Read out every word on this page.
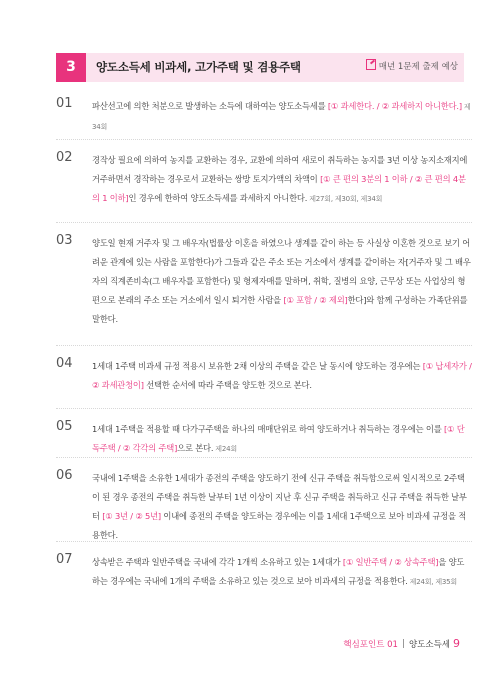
3	양도소득세 비과세, 고가주택 및 겸용주택	매년 1문제 출제 예상
01 파산선고에 의한 처분으로 발생하는 소득에 대하여는 양도소득세를 [① 과세한다. / ② 과세하지 아니한다.] 제34회
02 경작상 필요에 의하여 농지를 교환하는 경우, 교환에 의하여 새로이 취득하는 농지를 3년 이상 농지소재지에 거주하면서 경작하는 경우로서 교환하는 쌍방 토지가액의 차액이 [① 큰 편의 3분의 1 이하 / ② 큰 편의 4분의 1 이하]인 경우에 한하여 양도소득세를 과세하지 아니한다. 제27회, 제30회, 제34회
03 양도일 현재 거주자 및 그 배우자(법률상 이혼을 하였으나 생계를 같이 하는 등 사실상 이혼한 것으로 보기 어려운 관계에 있는 사람을 포함한다)가 그들과 같은 주소 또는 거소에서 생계를 같이하는 자[거주자 및 그 배우자의 직계존비속(그 배우자를 포함한다) 및 형제자매를 말하며, 취학, 질병의 요양, 근무상 또는 사업상의 형편으로 본래의 주소 또는 거소에서 일시 퇴거한 사람을 [① 포함 / ② 제외]한다]와 함께 구성하는 가족단위를 말한다.
04 1세대 1주택 비과세 규정 적용시 보유한 2채 이상의 주택을 같은 날 동시에 양도하는 경우에는 [① 납세자가 / ② 과세관청이] 선택한 순서에 따라 주택을 양도한 것으로 본다.
05 1세대 1주택을 적용할 때 다가구주택을 하나의 매매단위로 하여 양도하거나 취득하는 경우에는 이를 [① 단독주택 / ② 각각의 주택]으로 본다. 제24회
06 국내에 1주택을 소유한 1세대가 종전의 주택을 양도하기 전에 신규 주택을 취득함으로써 일시적으로 2주택이 된 경우 종전의 주택을 취득한 날부터 1년 이상이 지난 후 신규 주택을 취득하고 신규 주택을 취득한 날부터 [① 3년 / ② 5년] 이내에 종전의 주택을 양도하는 경우에는 이를 1세대 1주택으로 보아 비과세 규정을 적용한다.
07 상속받은 주택과 일반주택을 국내에 각각 1개씩 소유하고 있는 1세대가 [① 일반주택 / ② 상속주택]을 양도하는 경우에는 국내에 1개의 주택을 소유하고 있는 것으로 보아 비과세의 규정을 적용한다. 제24회, 제35회
핵심포인트 01 양도소득세 9
